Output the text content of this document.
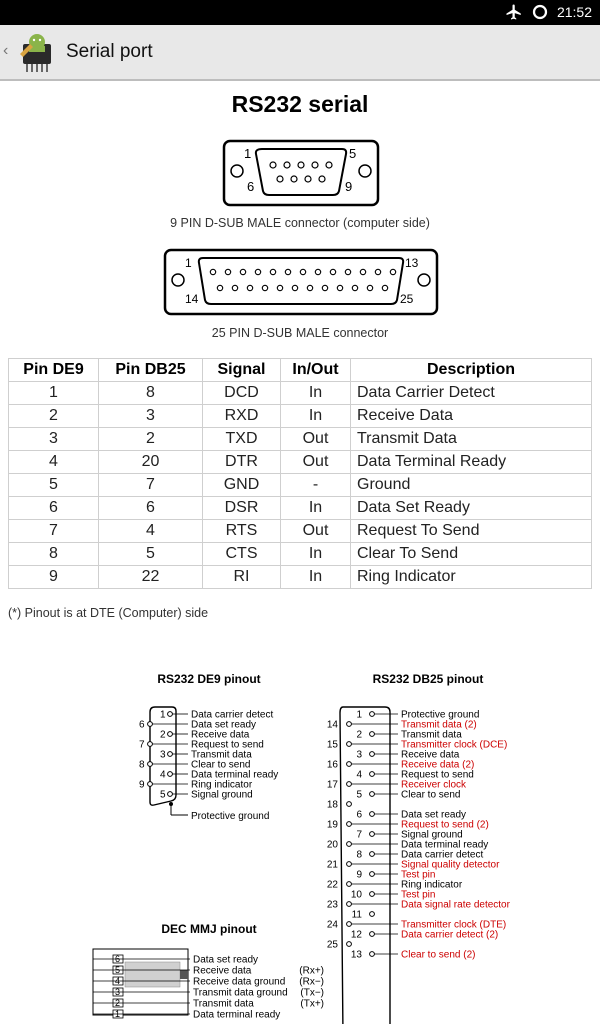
21:52
‹	Serial port
RS232 serial
1	5
6	9
9 PIN D-SUB MALE connector (computer side)
1	13
14	25
25 PIN D-SUB MALE connector
Pin DE9	Pin DB25	Signal	In/Out	Description
1	8	DCD	In	Data Carrier Detect
2	3	RXD	In	Receive Data
3	2	TXD	Out	Transmit Data
4	20	DTR	Out	Data Terminal Ready
5	7	GND	-	Ground
6	6	DSR	In	Data Set Ready
7	4	RTS	Out	Request To Send
8	5	CTS	In	Clear To Send
9	22	RI	In	Ring Indicator
(*) Pinout is at DTE (Computer) side
RS232 DE9 pinout
Protective ground
1	Data carrier detect
6	Data set ready
2	Receive data
7	Request to send
3	Transmit data
8	Clear to send
4	Data terminal ready
9	Ring indicator
5	Signal ground
RS232 DB25 pinout
1	Protective ground
14	Transmit data (2)
2	Transmit data
15	Transmitter clock (DCE)
3	Receive data
16	Receive data (2)
4	Request to send
17	Receiver clock
5	Clear to send
18
6	Data set ready
19	Request to send (2)
7	Signal ground
20	Data terminal ready
8	Data carrier detect
21	Signal quality detector
9	Test pin
22	Ring indicator
10	Test pin
23	Data signal rate detector
11
24	Transmitter clock (DTE)
12	Data carrier detect (2)
25
13	Clear to send (2)
DEC MMJ pinout
6	Data set ready
5	Receive data	(Rx+)
4	Receive data ground (Rx−)
3	Transmit data ground (Tx−)
2	Transmit data	(Tx+)
1	Data terminal ready
